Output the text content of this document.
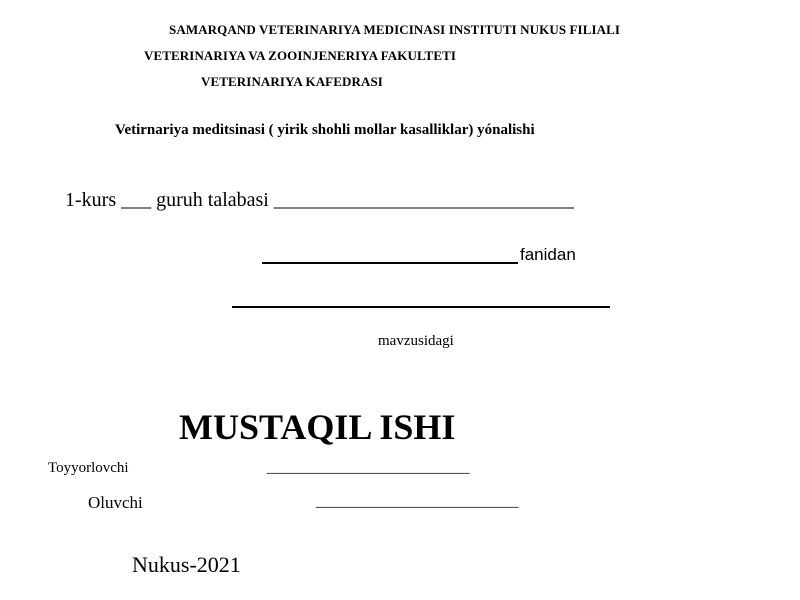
SAMARQAND VETERINARIYA MEDICINASI INSTITUTI NUKUS FILIALI
VETERINARIYA VA ZOOINJENERIYA FAKULTETI
VETERINARIYA KAFEDRASI
Vetirnariya meditsinasi ( yirik shohli mollar kasalliklar) yónalishi
1-kurs ___ guruh talabasi ______________________________
fanidan
mavzusidagi
MUSTAQIL ISHI
Toyyorlovchi	___________________________
Oluvchi	___________________________
Nukus-2021
